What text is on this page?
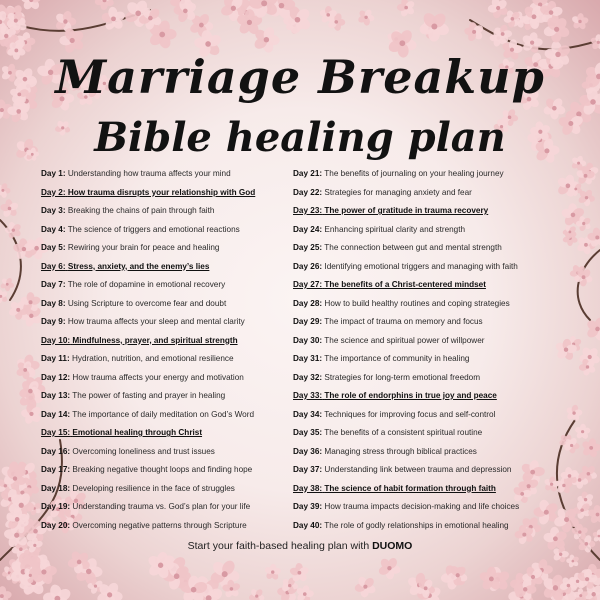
Marriage Breakup
Bible healing plan
Day 1: Understanding how trauma affects your mind
Day 2: How trauma disrupts your relationship with God
Day 3: Breaking the chains of pain through faith
Day 4: The science of triggers and emotional reactions
Day 5: Rewiring your brain for peace and healing
Day 6: Stress, anxiety, and the enemy’s lies
Day 7: The role of dopamine in emotional recovery
Day 8: Using Scripture to overcome fear and doubt
Day 9: How trauma affects your sleep and mental clarity
Day 10: Mindfulness, prayer, and spiritual strength
Day 11: Hydration, nutrition, and emotional resilience
Day 12: How trauma affects your energy and motivation
Day 13: The power of fasting and prayer in healing
Day 14: The importance of daily meditation on God’s Word
Day 15: Emotional healing through Christ
Day 16: Overcoming loneliness and trust issues
Day 17: Breaking negative thought loops and finding hope
Day 18: Developing resilience in the face of struggles
Day 19: Understanding trauma vs. God’s plan for your life
Day 20: Overcoming negative patterns through Scripture
Day 21: The benefits of journaling on your healing journey
Day 22: Strategies for managing anxiety and fear
Day 23: The power of gratitude in trauma recovery
Day 24: Enhancing spiritual clarity and strength
Day 25: The connection between gut and mental strength
Day 26: Identifying emotional triggers and managing with faith
Day 27: The benefits of a Christ-centered mindset
Day 28: How to build healthy routines and coping strategies
Day 29: The impact of trauma on memory and focus
Day 30: The science and spiritual power of willpower
Day 31: The importance of community in healing
Day 32: Strategies for long-term emotional freedom
Day 33: The role of endorphins in true joy and peace
Day 34: Techniques for improving focus and self-control
Day 35: The benefits of a consistent spiritual routine
Day 36: Managing stress through biblical practices
Day 37: Understanding link between trauma and depression
Day 38: The science of habit formation through faith
Day 39: How trauma impacts decision-making and life choices
Day 40: The role of godly relationships in emotional healing
Start your faith-based healing plan with DUOMO
